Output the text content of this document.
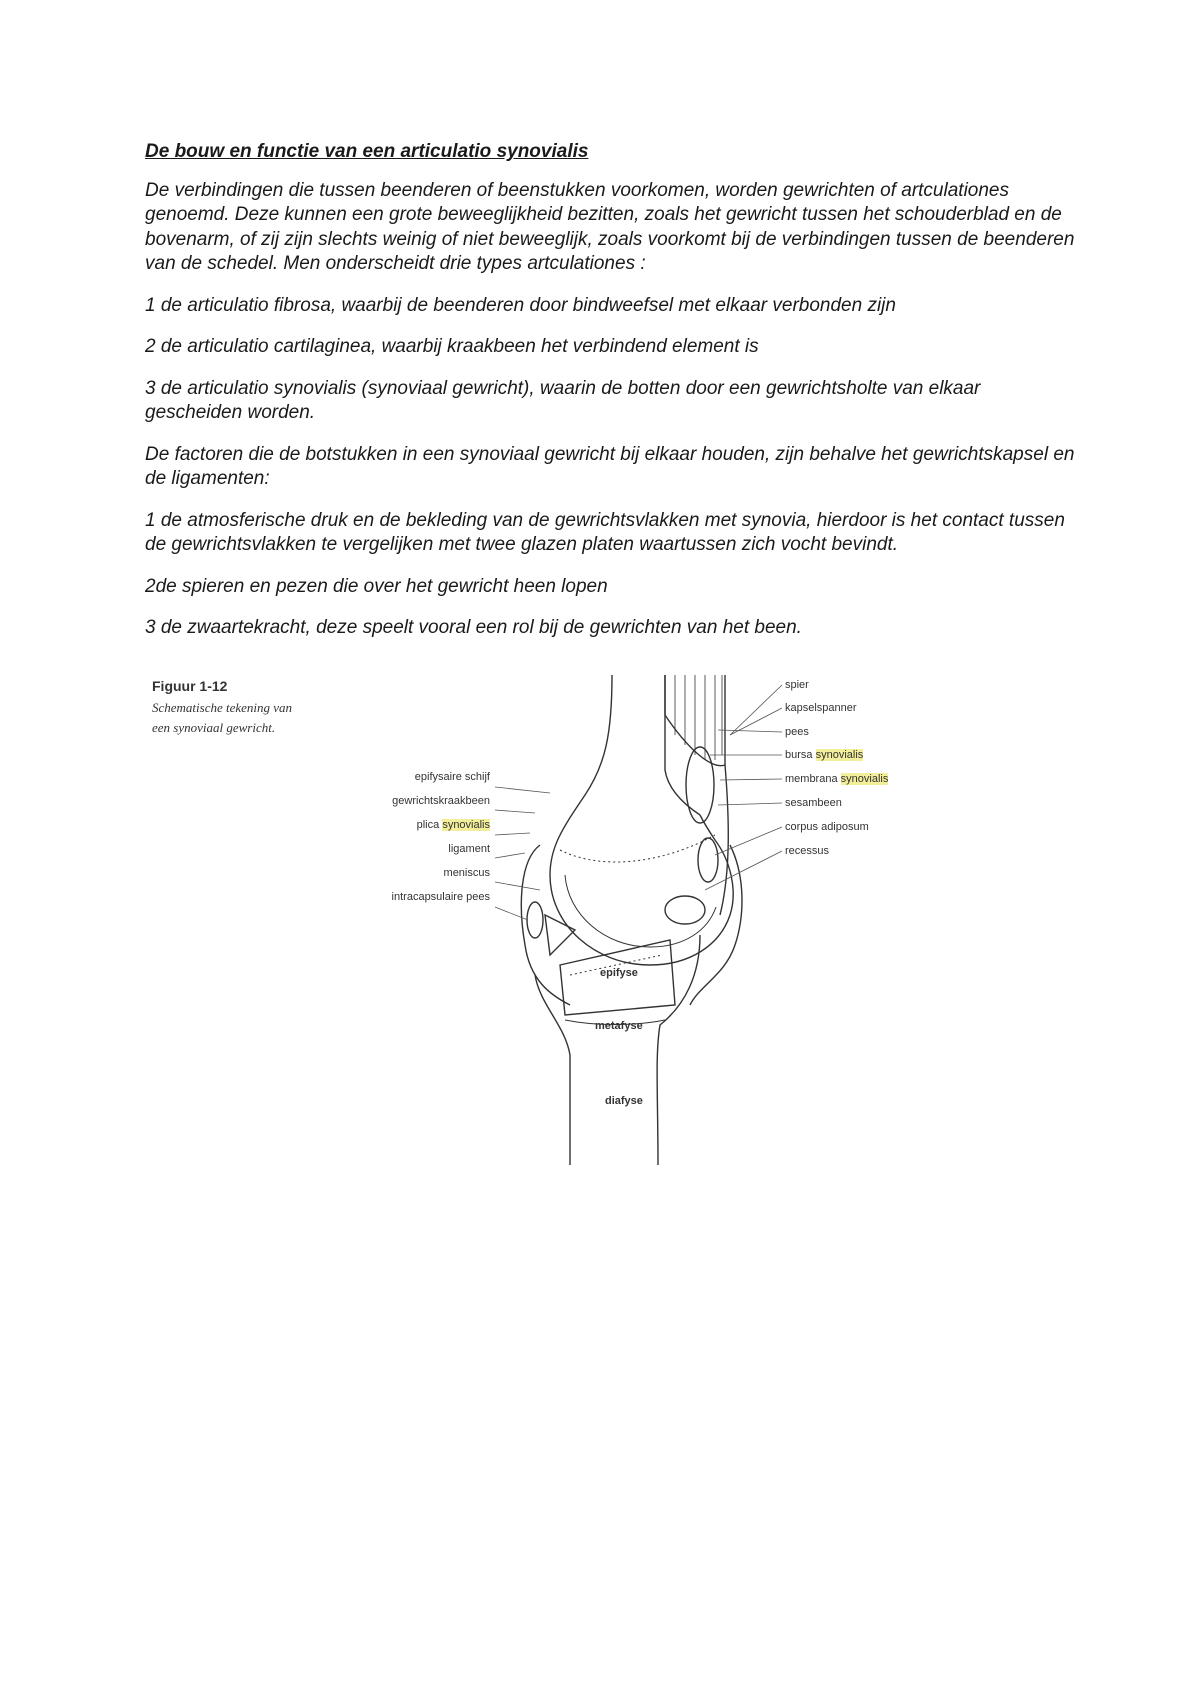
De bouw en functie van een articulatio synovialis

De verbindingen die tussen beenderen of beenstukken voorkomen, worden gewrichten of artculationes genoemd. Deze kunnen een grote beweeglijkheid bezitten, zoals het gewricht tussen het schouderblad en de bovenarm, of zij zijn slechts weinig of niet beweeglijk, zoals voorkomt bij de verbindingen tussen de beenderen van de schedel. Men onderscheidt drie types artculationes :

1 de articulatio fibrosa, waarbij de beenderen door bindweefsel met elkaar verbonden zijn

2 de articulatio cartilaginea, waarbij kraakbeen het verbindend element is

3 de articulatio synovialis (synoviaal gewricht), waarin de botten door een gewrichtsholte van elkaar gescheiden worden.

De factoren die de botstukken in een synoviaal gewricht bij elkaar houden, zijn behalve het gewrichtskapsel en de ligamenten:

1 de atmosferische druk en de bekleding van de gewrichtsvlakken met synovia, hierdoor is het contact tussen de gewrichtsvlakken te vergelijken met twee glazen platen waartussen zich vocht bevindt.

2de spieren en pezen die over het gewricht heen lopen

3 de zwaartekracht, deze speelt vooral een rol bij de gewrichten van het been.

Figuur 1-12
Schematische tekening van een synoviaal gewricht.
epifysaire schijf
gewrichtskraakbeen
plica synovialis
ligament
meniscus
intracapsulaire pees
spier
kapselspanner
pees
bursa synovialis
membrana synovialis
sesambeen
corpus adiposum
recessus
epifyse
metafyse
diafyse
